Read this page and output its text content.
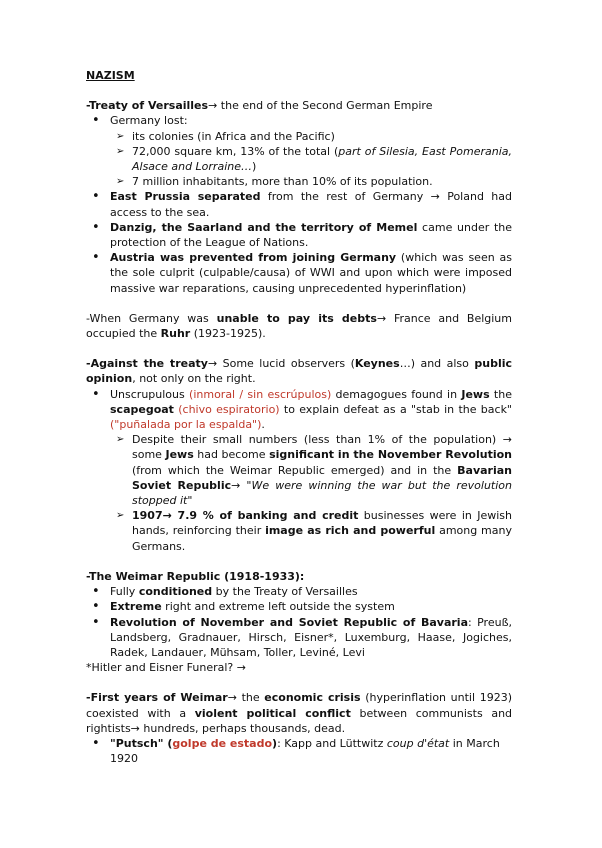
NAZISM

-Treaty of Versailles→ the end of the Second German Empire

• Germany lost:
➢ its colonies (in Africa and the Pacific)
➢ 72,000 square km, 13% of the total (part of Silesia, East Pomerania, Alsace and Lorraine…)
➢ 7 million inhabitants, more than 10% of its population.
• East Prussia separated from the rest of Germany → Poland had access to the sea.
• Danzig, the Saarland and the territory of Memel came under the protection of the League of Nations.
• Austria was prevented from joining Germany (which was seen as the sole culprit (culpable/causa) of WWI and upon which were imposed massive war reparations, causing unprecedented hyperinflation)

-When Germany was unable to pay its debts→ France and Belgium occupied the Ruhr (1923-1925).

-Against the treaty→ Some lucid observers (Keynes…) and also public opinion, not only on the right.

• Unscrupulous (inmoral / sin escrúpulos) demagogues found in Jews the scapegoat (chivo espiratorio) to explain defeat as a "stab in the back" ("puñalada por la espalda").
➢ Despite their small numbers (less than 1% of the population) → some Jews had become significant in the November Revolution (from which the Weimar Republic emerged) and in the Bavarian Soviet Republic→ "We were winning the war but the revolution stopped it"
➢ 1907→ 7.9 % of banking and credit businesses were in Jewish hands, reinforcing their image as rich and powerful among many Germans.

-The Weimar Republic (1918-1933):

• Fully conditioned by the Treaty of Versailles
• Extreme right and extreme left outside the system
• Revolution of November and Soviet Republic of Bavaria: Preuß, Landsberg, Gradnauer, Hirsch, Eisner*, Luxemburg, Haase, Jogiches, Radek, Landauer, Mühsam, Toller, Leviné, Levi

*Hitler and Eisner Funeral? →

-First years of Weimar→ the economic crisis (hyperinflation until 1923) coexisted with a violent political conflict between communists and rightists→ hundreds, perhaps thousands, dead.

• "Putsch" (golpe de estado): Kapp and Lüttwitz coup d'état in March 1920
